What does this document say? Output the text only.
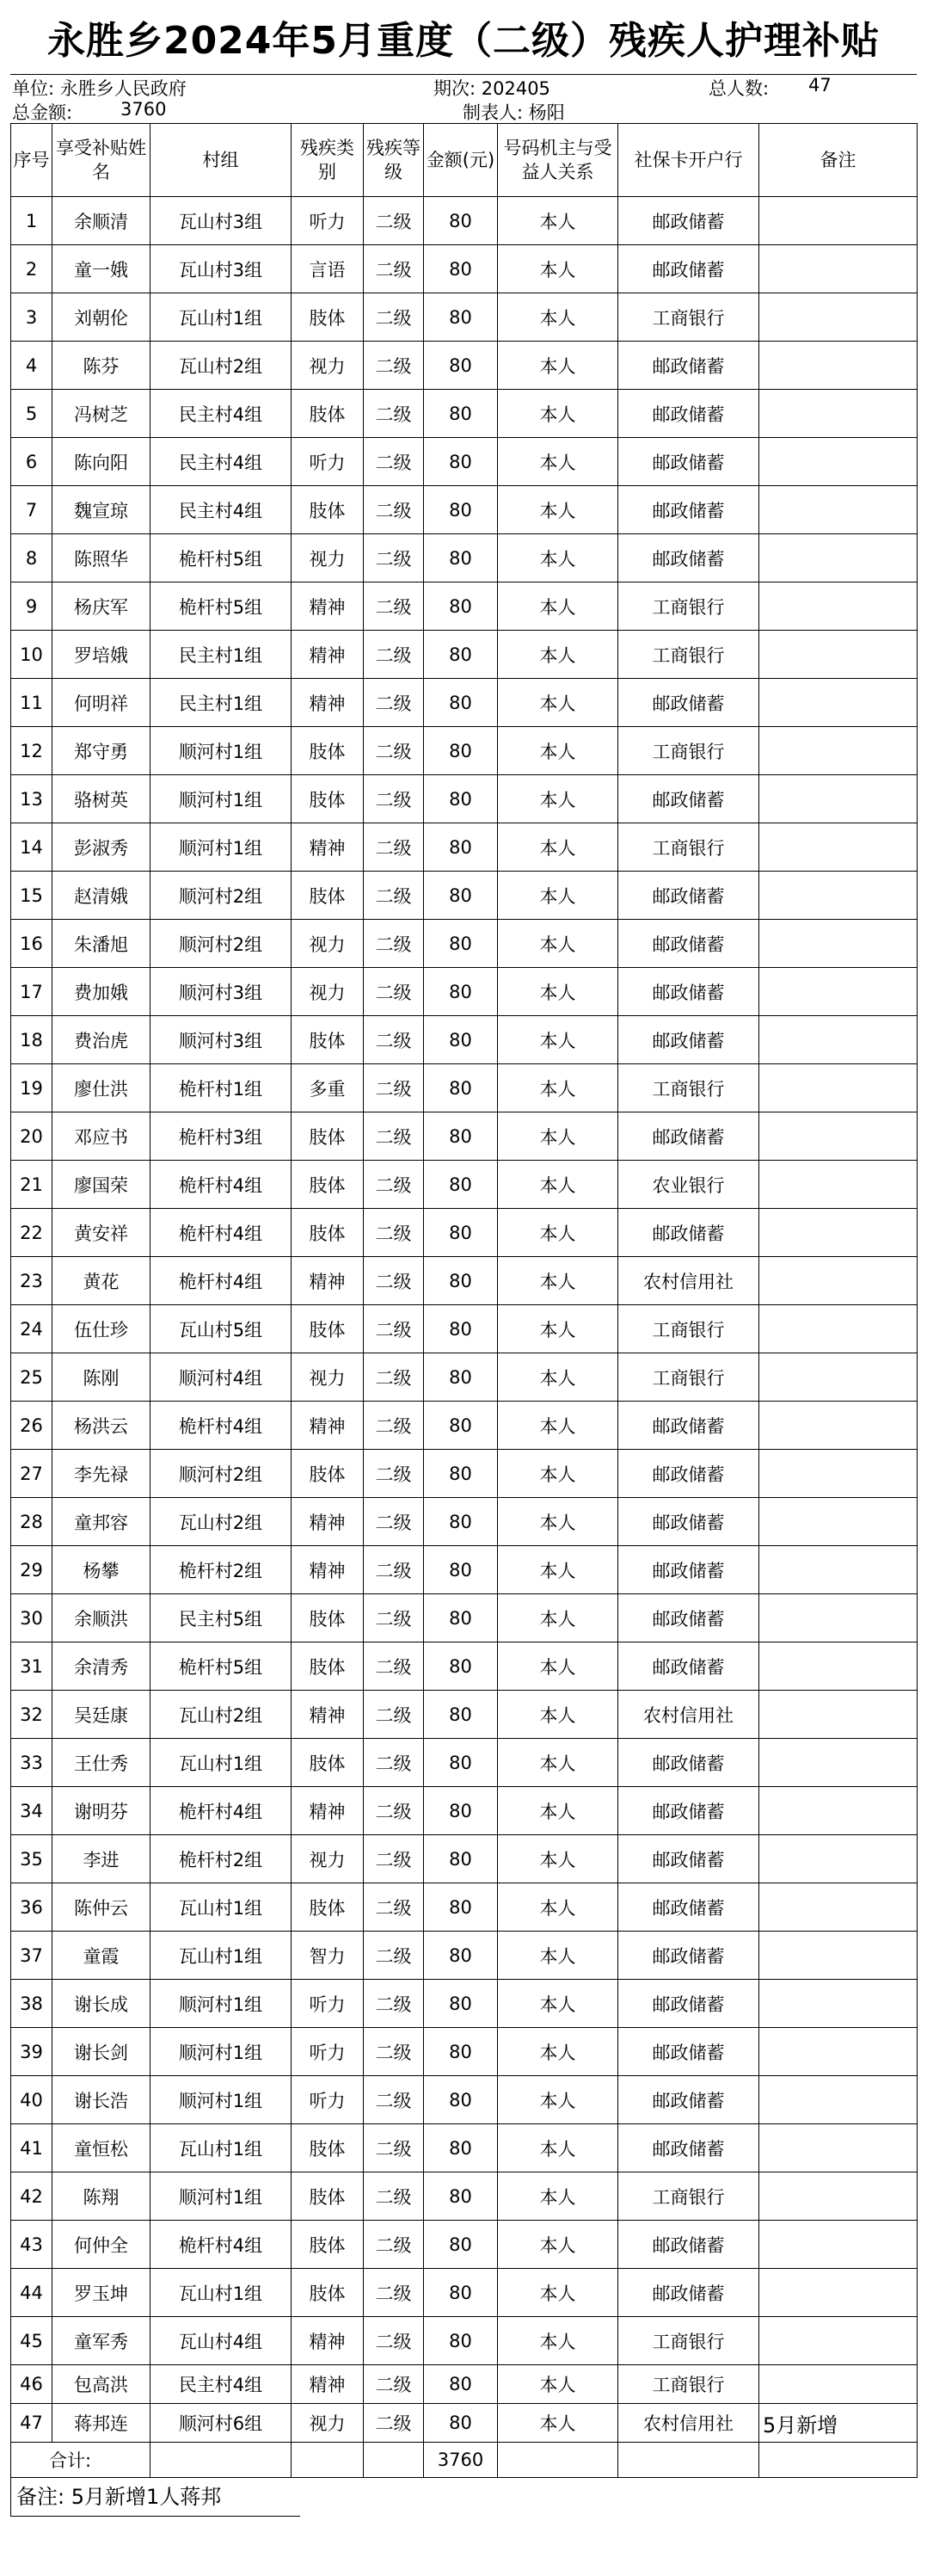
永胜乡2024年5月重度（二级）残疾人护理补贴
单位: 永胜乡人民政府	期次: 202405	总人数: 47
总金额:	3760	制表人: 杨阳
序号	享受补贴姓名	村组	残疾类别	残疾等级	金额(元)	号码机主与受益人关系	社保卡开户行	备注
1	余顺清	瓦山村3组	听力	二级	80	本人	邮政储蓄	
2	童一娥	瓦山村3组	言语	二级	80	本人	邮政储蓄	
3	刘朝伦	瓦山村1组	肢体	二级	80	本人	工商银行	
4	陈芬	瓦山村2组	视力	二级	80	本人	邮政储蓄	
5	冯树芝	民主村4组	肢体	二级	80	本人	邮政储蓄	
6	陈向阳	民主村4组	听力	二级	80	本人	邮政储蓄	
7	魏宣琼	民主村4组	肢体	二级	80	本人	邮政储蓄	
8	陈照华	桅杆村5组	视力	二级	80	本人	邮政储蓄	
9	杨庆军	桅杆村5组	精神	二级	80	本人	工商银行	
10	罗培娥	民主村1组	精神	二级	80	本人	工商银行	
11	何明祥	民主村1组	精神	二级	80	本人	邮政储蓄	
12	郑守勇	顺河村1组	肢体	二级	80	本人	工商银行	
13	骆树英	顺河村1组	肢体	二级	80	本人	邮政储蓄	
14	彭淑秀	顺河村1组	精神	二级	80	本人	工商银行	
15	赵清娥	顺河村2组	肢体	二级	80	本人	邮政储蓄	
16	朱潘旭	顺河村2组	视力	二级	80	本人	邮政储蓄	
17	费加娥	顺河村3组	视力	二级	80	本人	邮政储蓄	
18	费治虎	顺河村3组	肢体	二级	80	本人	邮政储蓄	
19	廖仕洪	桅杆村1组	多重	二级	80	本人	工商银行	
20	邓应书	桅杆村3组	肢体	二级	80	本人	邮政储蓄	
21	廖国荣	桅杆村4组	肢体	二级	80	本人	农业银行	
22	黄安祥	桅杆村4组	肢体	二级	80	本人	邮政储蓄	
23	黄花	桅杆村4组	精神	二级	80	本人	农村信用社	
24	伍仕珍	瓦山村5组	肢体	二级	80	本人	工商银行	
25	陈刚	顺河村4组	视力	二级	80	本人	工商银行	
26	杨洪云	桅杆村4组	精神	二级	80	本人	邮政储蓄	
27	李先禄	顺河村2组	肢体	二级	80	本人	邮政储蓄	
28	童邦容	瓦山村2组	精神	二级	80	本人	邮政储蓄	
29	杨攀	桅杆村2组	精神	二级	80	本人	邮政储蓄	
30	余顺洪	民主村5组	肢体	二级	80	本人	邮政储蓄	
31	余清秀	桅杆村5组	肢体	二级	80	本人	邮政储蓄	
32	吴廷康	瓦山村2组	精神	二级	80	本人	农村信用社	
33	王仕秀	瓦山村1组	肢体	二级	80	本人	邮政储蓄	
34	谢明芬	桅杆村4组	精神	二级	80	本人	邮政储蓄	
35	李进	桅杆村2组	视力	二级	80	本人	邮政储蓄	
36	陈仲云	瓦山村1组	肢体	二级	80	本人	邮政储蓄	
37	童霞	瓦山村1组	智力	二级	80	本人	邮政储蓄	
38	谢长成	顺河村1组	听力	二级	80	本人	邮政储蓄	
39	谢长剑	顺河村1组	听力	二级	80	本人	邮政储蓄	
40	谢长浩	顺河村1组	听力	二级	80	本人	邮政储蓄	
41	童恒松	瓦山村1组	肢体	二级	80	本人	邮政储蓄	
42	陈翔	顺河村1组	肢体	二级	80	本人	工商银行	
43	何仲全	桅杆村4组	肢体	二级	80	本人	邮政储蓄	
44	罗玉坤	瓦山村1组	肢体	二级	80	本人	邮政储蓄	
45	童军秀	瓦山村4组	精神	二级	80	本人	工商银行	
46	包高洪	民主村4组	精神	二级	80	本人	工商银行	
47	蒋邦连	顺河村6组	视力	二级	80	本人	农村信用社	5月新增
合计:					3760			
备注: 5月新增1人蒋邦
